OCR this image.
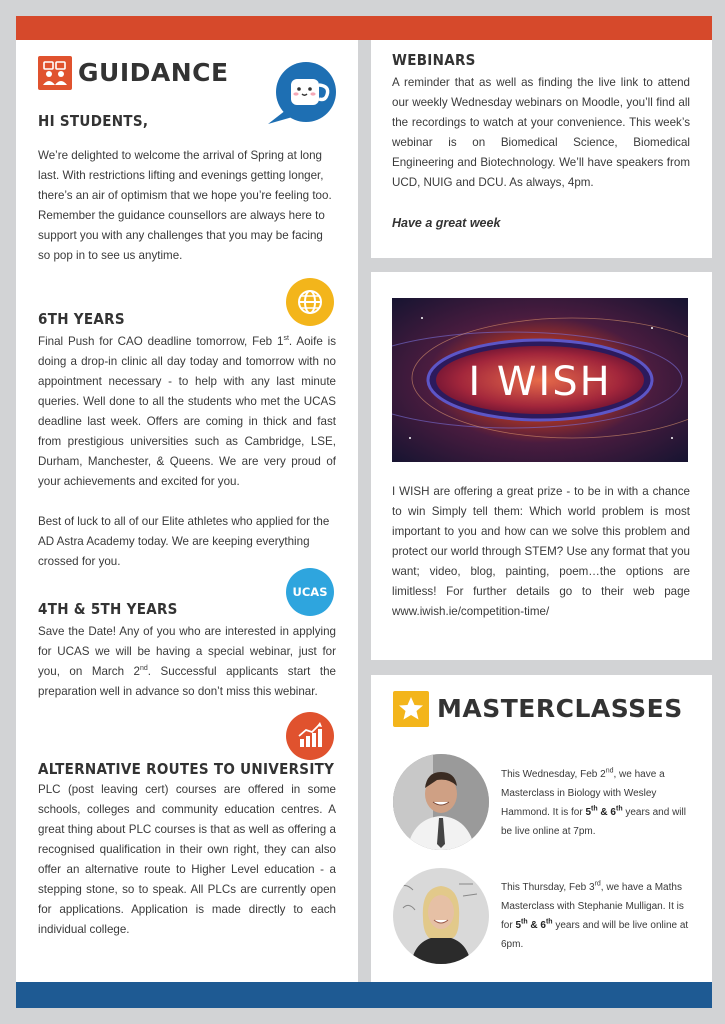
GUIDANCE
HI STUDENTS,
We’re delighted to welcome the arrival of Spring at long last. With restrictions lifting and evenings getting longer, there’s an air of optimism that we hope you’re feeling too. Remember the guidance counsellors are always here to support you with any challenges that you may be facing so pop in to see us anytime.
6TH YEARS
Final Push for CAO deadline tomorrow, Feb 1st. Aoife is doing a drop-in clinic all day today and tomorrow with no appointment necessary - to help with any last minute queries. Well done to all the students who met the UCAS deadline last week. Offers are coming in thick and fast from prestigious universities such as Cambridge, LSE, Durham, Manchester, & Queens. We are very proud of your achievements and excited for you.
Best of luck to all of our Elite athletes who applied for the AD Astra Academy today. We are keeping everything crossed for you.
UCAS
4TH & 5TH YEARS
Save the Date! Any of you who are interested in applying for UCAS we will be having a special webinar, just for you, on March 2nd. Successful applicants start the preparation well in advance so don’t miss this webinar.
ALTERNATIVE ROUTES TO UNIVERSITY
PLC (post leaving cert) courses are offered in some schools, colleges and community education centres. A great thing about PLC courses is that as well as offering a recognised qualification in their own right, they can also offer an alternative route to Higher Level education - a stepping stone, so to speak. All PLCs are currently open for applications. Application is made directly to each individual college.
WEBINARS
A reminder that as well as finding the live link to attend our weekly Wednesday webinars on Moodle, you’ll find all the recordings to watch at your convenience. This week’s webinar is on Biomedical Science, Biomedical Engineering and Biotechnology. We’ll have speakers from UCD, NUIG and DCU. As always, 4pm.
Have a great week
I WISH
I WISH are offering a great prize - to be in with a chance to win Simply tell them: Which world problem is most important to you and how can we solve this problem and protect our world through STEM? Use any format that you want; video, blog, painting, poem…the options are limitless! For further details go to their web page www.iwish.ie/competition-time/
MASTERCLASSES
This Wednesday, Feb 2nd, we have a Masterclass in Biology with Wesley Hammond. It is for 5th & 6th years and will be live online at 7pm.
This Thursday, Feb 3rd, we have a Maths Masterclass with Stephanie Mulligan. It is for 5th & 6th years and will be live online at 6pm.
